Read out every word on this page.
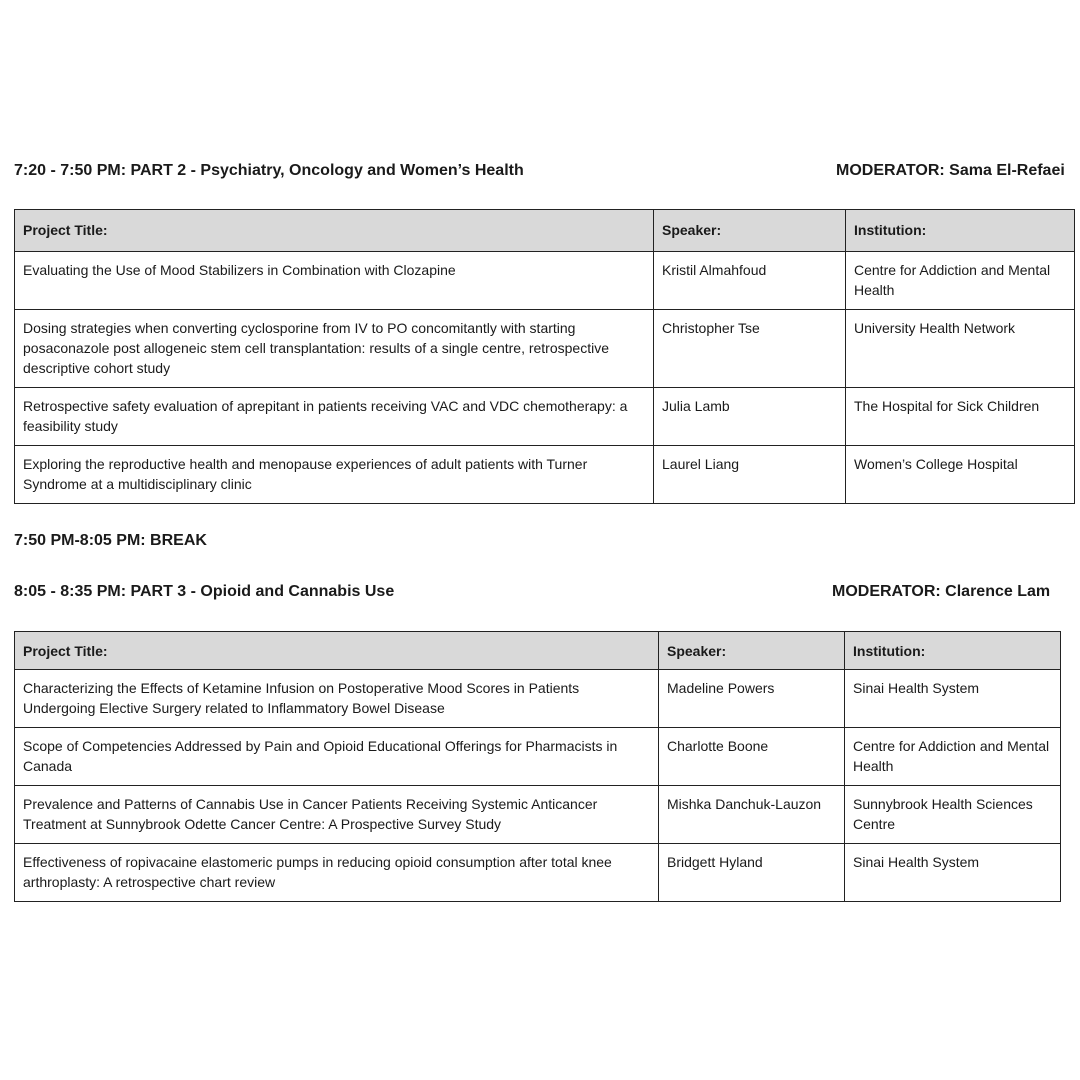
7:20 - 7:50 PM: PART 2 - Psychiatry, Oncology and Women’s Health	MODERATOR: Sama El-Refaei
Project Title:	Speaker:	Institution:
Evaluating the Use of Mood Stabilizers in Combination with Clozapine	Kristil Almahfoud	Centre for Addiction and Mental Health
Dosing strategies when converting cyclosporine from IV to PO concomitantly with starting posaconazole post allogeneic stem cell transplantation: results of a single centre, retrospective descriptive cohort study	Christopher Tse	University Health Network
Retrospective safety evaluation of aprepitant in patients receiving VAC and VDC chemotherapy: a feasibility study	Julia Lamb	The Hospital for Sick Children
Exploring the reproductive health and menopause experiences of adult patients with Turner Syndrome at a multidisciplinary clinic	Laurel Liang	Women’s College Hospital
7:50 PM-8:05 PM: BREAK
8:05 - 8:35 PM: PART 3 - Opioid and Cannabis Use	MODERATOR: Clarence Lam
Project Title:	Speaker:	Institution:
Characterizing the Effects of Ketamine Infusion on Postoperative Mood Scores in Patients Undergoing Elective Surgery related to Inflammatory Bowel Disease	Madeline Powers	Sinai Health System
Scope of Competencies Addressed by Pain and Opioid Educational Offerings for Pharmacists in Canada	Charlotte Boone	Centre for Addiction and Mental Health
Prevalence and Patterns of Cannabis Use in Cancer Patients Receiving Systemic Anticancer Treatment at Sunnybrook Odette Cancer Centre: A Prospective Survey Study	Mishka Danchuk-Lauzon	Sunnybrook Health Sciences Centre
Effectiveness of ropivacaine elastomeric pumps in reducing opioid consumption after total knee arthroplasty: A retrospective chart review	Bridgett Hyland	Sinai Health System
